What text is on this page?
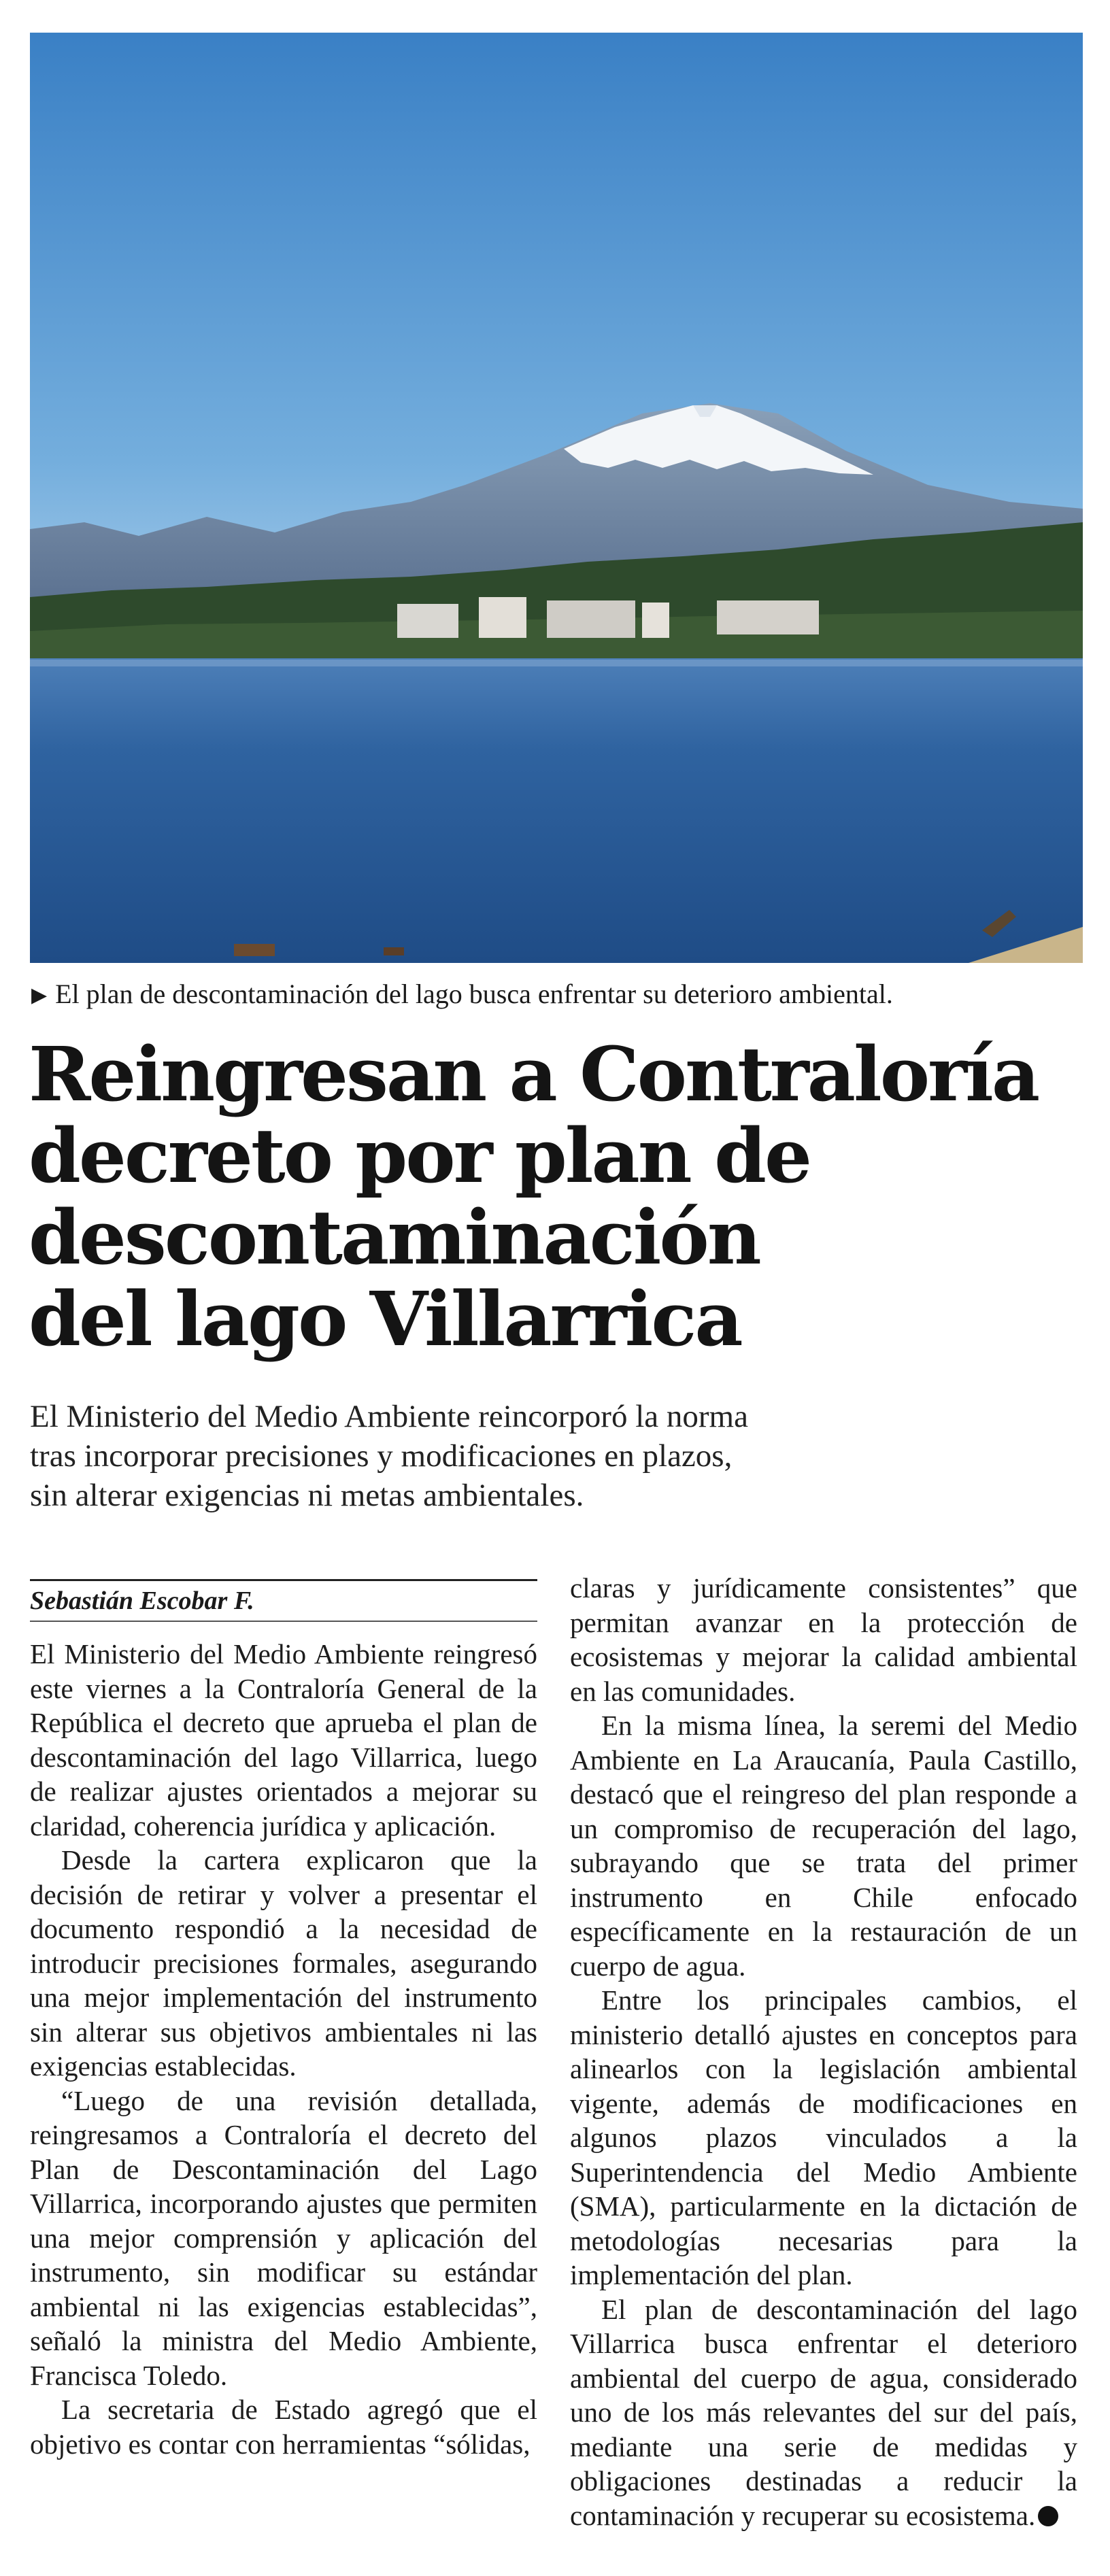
▶ El plan de descontaminación del lago busca enfrentar su deterioro ambiental.
Reingresan a Contraloría
decreto por plan de
descontaminación
del lago Villarrica
El Ministerio del Medio Ambiente reincorporó la norma
tras incorporar precisiones y modificaciones en plazos,
sin alterar exigencias ni metas ambientales.
Sebastián Escobar F.

El Ministerio del Medio Ambiente reingresó este viernes a la Contraloría General de la República el decreto que aprueba el plan de descontaminación del lago Villarrica, luego de realizar ajustes orientados a mejorar su claridad, coherencia jurídica y aplicación.

Desde la cartera explicaron que la decisión de retirar y volver a presentar el documento respondió a la necesidad de introducir precisiones formales, asegurando una mejor implementación del instrumento sin alterar sus objetivos ambientales ni las exigencias establecidas.

“Luego de una revisión detallada, reingresamos a Contraloría el decreto del Plan de Descontaminación del Lago Villarrica, incorporando ajustes que permiten una mejor comprensión y aplicación del instrumento, sin modificar su estándar ambiental ni las exigencias establecidas”, señaló la ministra del Medio Ambiente, Francisca Toledo.

La secretaria de Estado agregó que el objetivo es contar con herramientas “sólidas,

claras y jurídicamente consistentes” que permitan avanzar en la protección de ecosistemas y mejorar la calidad ambiental en las comunidades.

En la misma línea, la seremi del Medio Ambiente en La Araucanía, Paula Castillo, destacó que el reingreso del plan responde a un compromiso de recuperación del lago, subrayando que se trata del primer instrumento en Chile enfocado específicamente en la restauración de un cuerpo de agua.

Entre los principales cambios, el ministerio detalló ajustes en conceptos para alinearlos con la legislación ambiental vigente, además de modificaciones en algunos plazos vinculados a la Superintendencia del Medio Ambiente (SMA), particularmente en la dictación de metodologías necesarias para la implementación del plan.

El plan de descontaminación del lago Villarrica busca enfrentar el deterioro ambiental del cuerpo de agua, considerado uno de los más relevantes del sur del país, mediante una serie de medidas y obligaciones destinadas a reducir la contaminación y recuperar su ecosistema.
